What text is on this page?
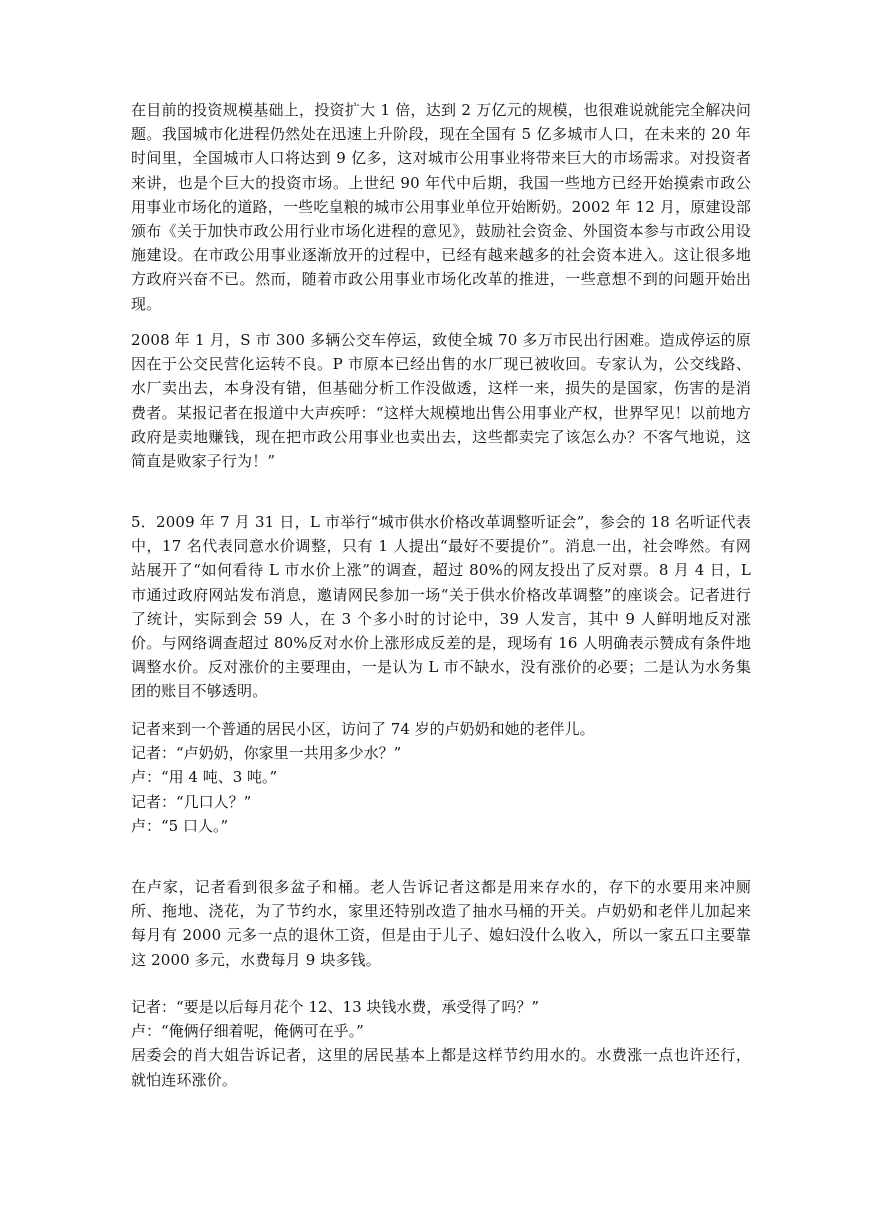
在目前的投资规模基础上，投资扩大 1 倍，达到 2 万亿元的规模，也很难说就能完全解决问题。我国城市化进程仍然处在迅速上升阶段，现在全国有 5 亿多城市人口，在未来的 20 年时间里，全国城市人口将达到 9 亿多，这对城市公用事业将带来巨大的市场需求。对投资者来讲，也是个巨大的投资市场。上世纪 90 年代中后期，我国一些地方已经开始摸索市政公用事业市场化的道路，一些吃皇粮的城市公用事业单位开始断奶。2002 年 12 月，原建设部颁布《关于加快市政公用行业市场化进程的意见》，鼓励社会资金、外国资本参与市政公用设施建设。在市政公用事业逐渐放开的过程中，已经有越来越多的社会资本进入。这让很多地方政府兴奋不已。然而，随着市政公用事业市场化改革的推进，一些意想不到的问题开始出现。

2008 年 1 月，S 市 300 多辆公交车停运，致使全城 70 多万市民出行困难。造成停运的原因在于公交民营化运转不良。P 市原本已经出售的水厂现已被收回。专家认为，公交线路、水厂卖出去，本身没有错，但基础分析工作没做透，这样一来，损失的是国家，伤害的是消费者。某报记者在报道中大声疾呼：“这样大规模地出售公用事业产权，世界罕见！以前地方政府是卖地赚钱，现在把市政公用事业也卖出去，这些都卖完了该怎么办？不客气地说，这简直是败家子行为！”

5．2009 年 7 月 31 日，L 市举行“城市供水价格改革调整听证会”，参会的 18 名听证代表中，17 名代表同意水价调整，只有 1 人提出“最好不要提价”。消息一出，社会哗然。有网站展开了“如何看待 L 市水价上涨”的调查，超过 80%的网友投出了反对票。8 月 4 日，L 市通过政府网站发布消息，邀请网民参加一场“关于供水价格改革调整”的座谈会。记者进行了统计，实际到会 59 人，在 3 个多小时的讨论中，39 人发言，其中 9 人鲜明地反对涨价。与网络调查超过 80%反对水价上涨形成反差的是，现场有 16 人明确表示赞成有条件地调整水价。反对涨价的主要理由，一是认为 L 市不缺水，没有涨价的必要；二是认为水务集团的账目不够透明。

记者来到一个普通的居民小区，访问了 74 岁的卢奶奶和她的老伴儿。

记者：“卢奶奶，你家里一共用多少水？”

卢：“用 4 吨、3 吨。”

记者：“几口人？”

卢：“5 口人。”

在卢家，记者看到很多盆子和桶。老人告诉记者这都是用来存水的，存下的水要用来冲厕所、拖地、浇花，为了节约水，家里还特别改造了抽水马桶的开关。卢奶奶和老伴儿加起来每月有 2000 元多一点的退休工资，但是由于儿子、媳妇没什么收入，所以一家五口主要靠这 2000 多元，水费每月 9 块多钱。

记者：“要是以后每月花个 12、13 块钱水费，承受得了吗？”

卢：“俺俩仔细着呢，俺俩可在乎。”

居委会的肖大姐告诉记者，这里的居民基本上都是这样节约用水的。水费涨一点也许还行，就怕连环涨价。
